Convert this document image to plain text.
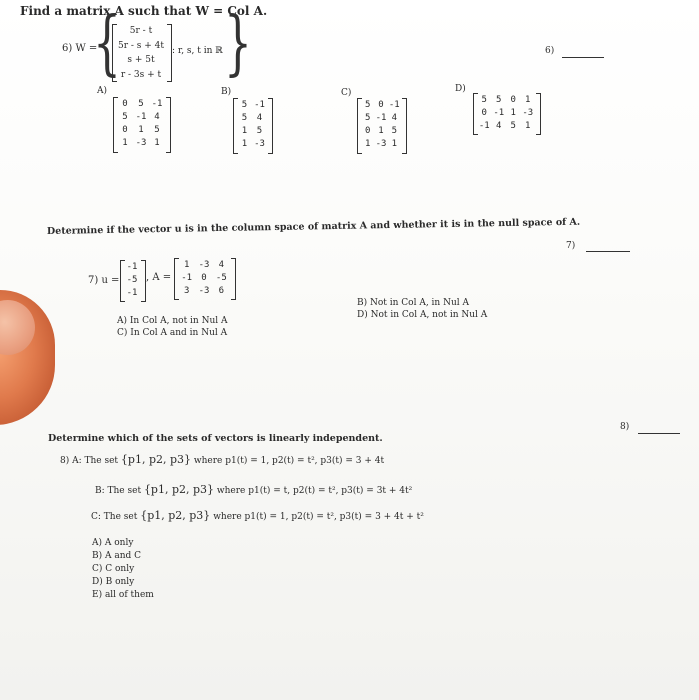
Find a matrix A such that W = Col A.
6) W =
{ }
5r - t
5r - s + 4t
s + 5t
r - 3s + t
: r, s, t in ℝ	6)
A)
0	5 -1
5 -1 4
0	1	5
1 -3 1
B)
5 -1
5	4
1	5
1 -3
C)
5 0 -1
5 -1 4
0 1 5
1 -3 1
D)
5	5	0	1
0 -1 1 -3
-1 4	5	1
Determine if the vector u is in the column space of matrix A and whether it is in the null space of A.
7)
7) u =
-1
-5
-1
, A =
1	-3	4
-1	0	-5
3	-3	6
A) In Col A, not in Nul A
C) In Col A and in Nul A
B) Not in Col A, in Nul A
D) Not in Col A, not in Nul A
8)
Determine which of the sets of vectors is linearly independent.
8) A: The set {p1, p2, p3} where p1(t) = 1, p2(t) = t², p3(t) = 3 + 4t
B: The set {p1, p2, p3} where p1(t) = t, p2(t) = t², p3(t) = 3t + 4t²
C: The set {p1, p2, p3} where p1(t) = 1, p2(t) = t², p3(t) = 3 + 4t + t²
A) A only
B) A and C
C) C only
D) B only
E) all of them
